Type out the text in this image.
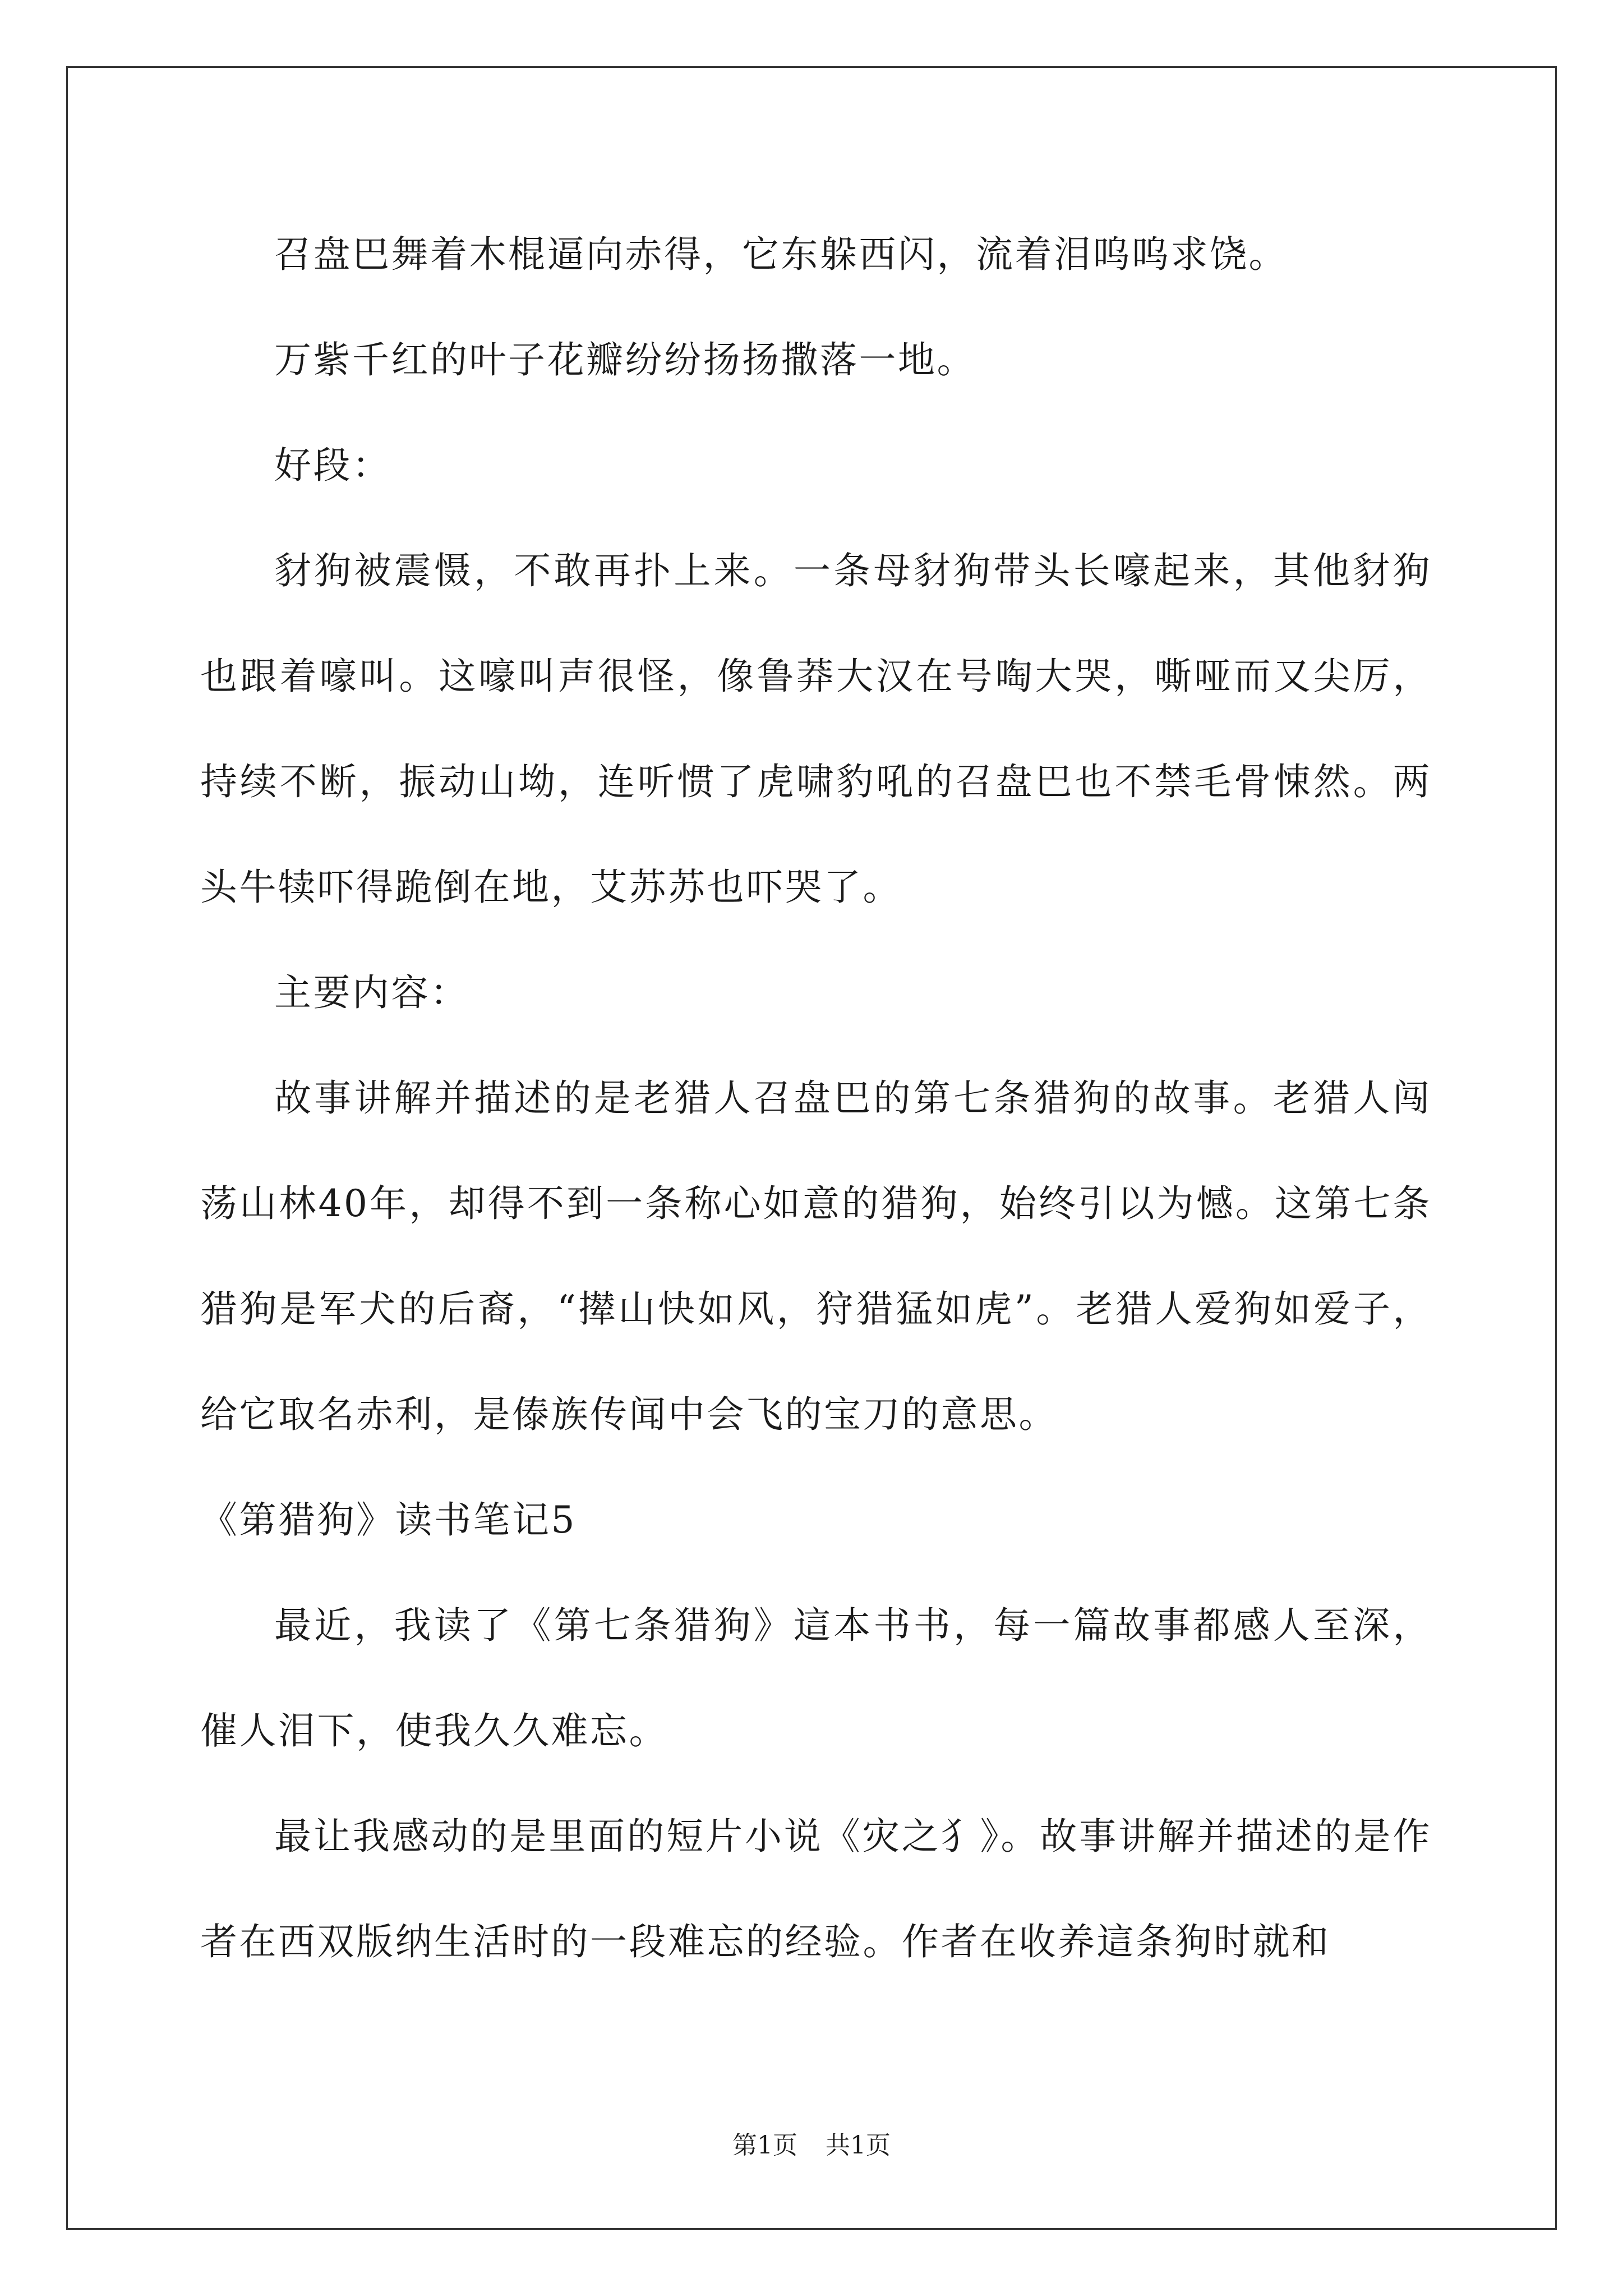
召盘巴舞着木棍逼向赤得，它东躲西闪，流着泪呜呜求饶。

万紫千红的叶子花瓣纷纷扬扬撒落一地。

好段：

豺狗被震慑，不敢再扑上来。一条母豺狗带头长嚎起来，其他豺狗也跟着嚎叫。这嚎叫声很怪，像鲁莽大汉在号啕大哭，嘶哑而又尖厉，持续不断，振动山坳，连听惯了虎啸豹吼的召盘巴也不禁毛骨悚然。两头牛犊吓得跪倒在地，艾苏苏也吓哭了。

主要内容：

故事讲解并描述的是老猎人召盘巴的第七条猎狗的故事。老猎人闯荡山林40年，却得不到一条称心如意的猎狗，始终引以为憾。这第七条猎狗是军犬的后裔，“撵山快如风，狩猎猛如虎”。老猎人爱狗如爱子，给它取名赤利，是傣族传闻中会飞的宝刀的意思。

《第猎狗》读书笔记5

最近，我读了《第七条猎狗》這本书书，每一篇故事都感人至深，催人泪下，使我久久难忘。

最让我感动的是里面的短片小说《灾之犭》。故事讲解并描述的是作者在西双版纳生活时的一段难忘的经验。作者在收养這条狗时就和

第1页 共1页
